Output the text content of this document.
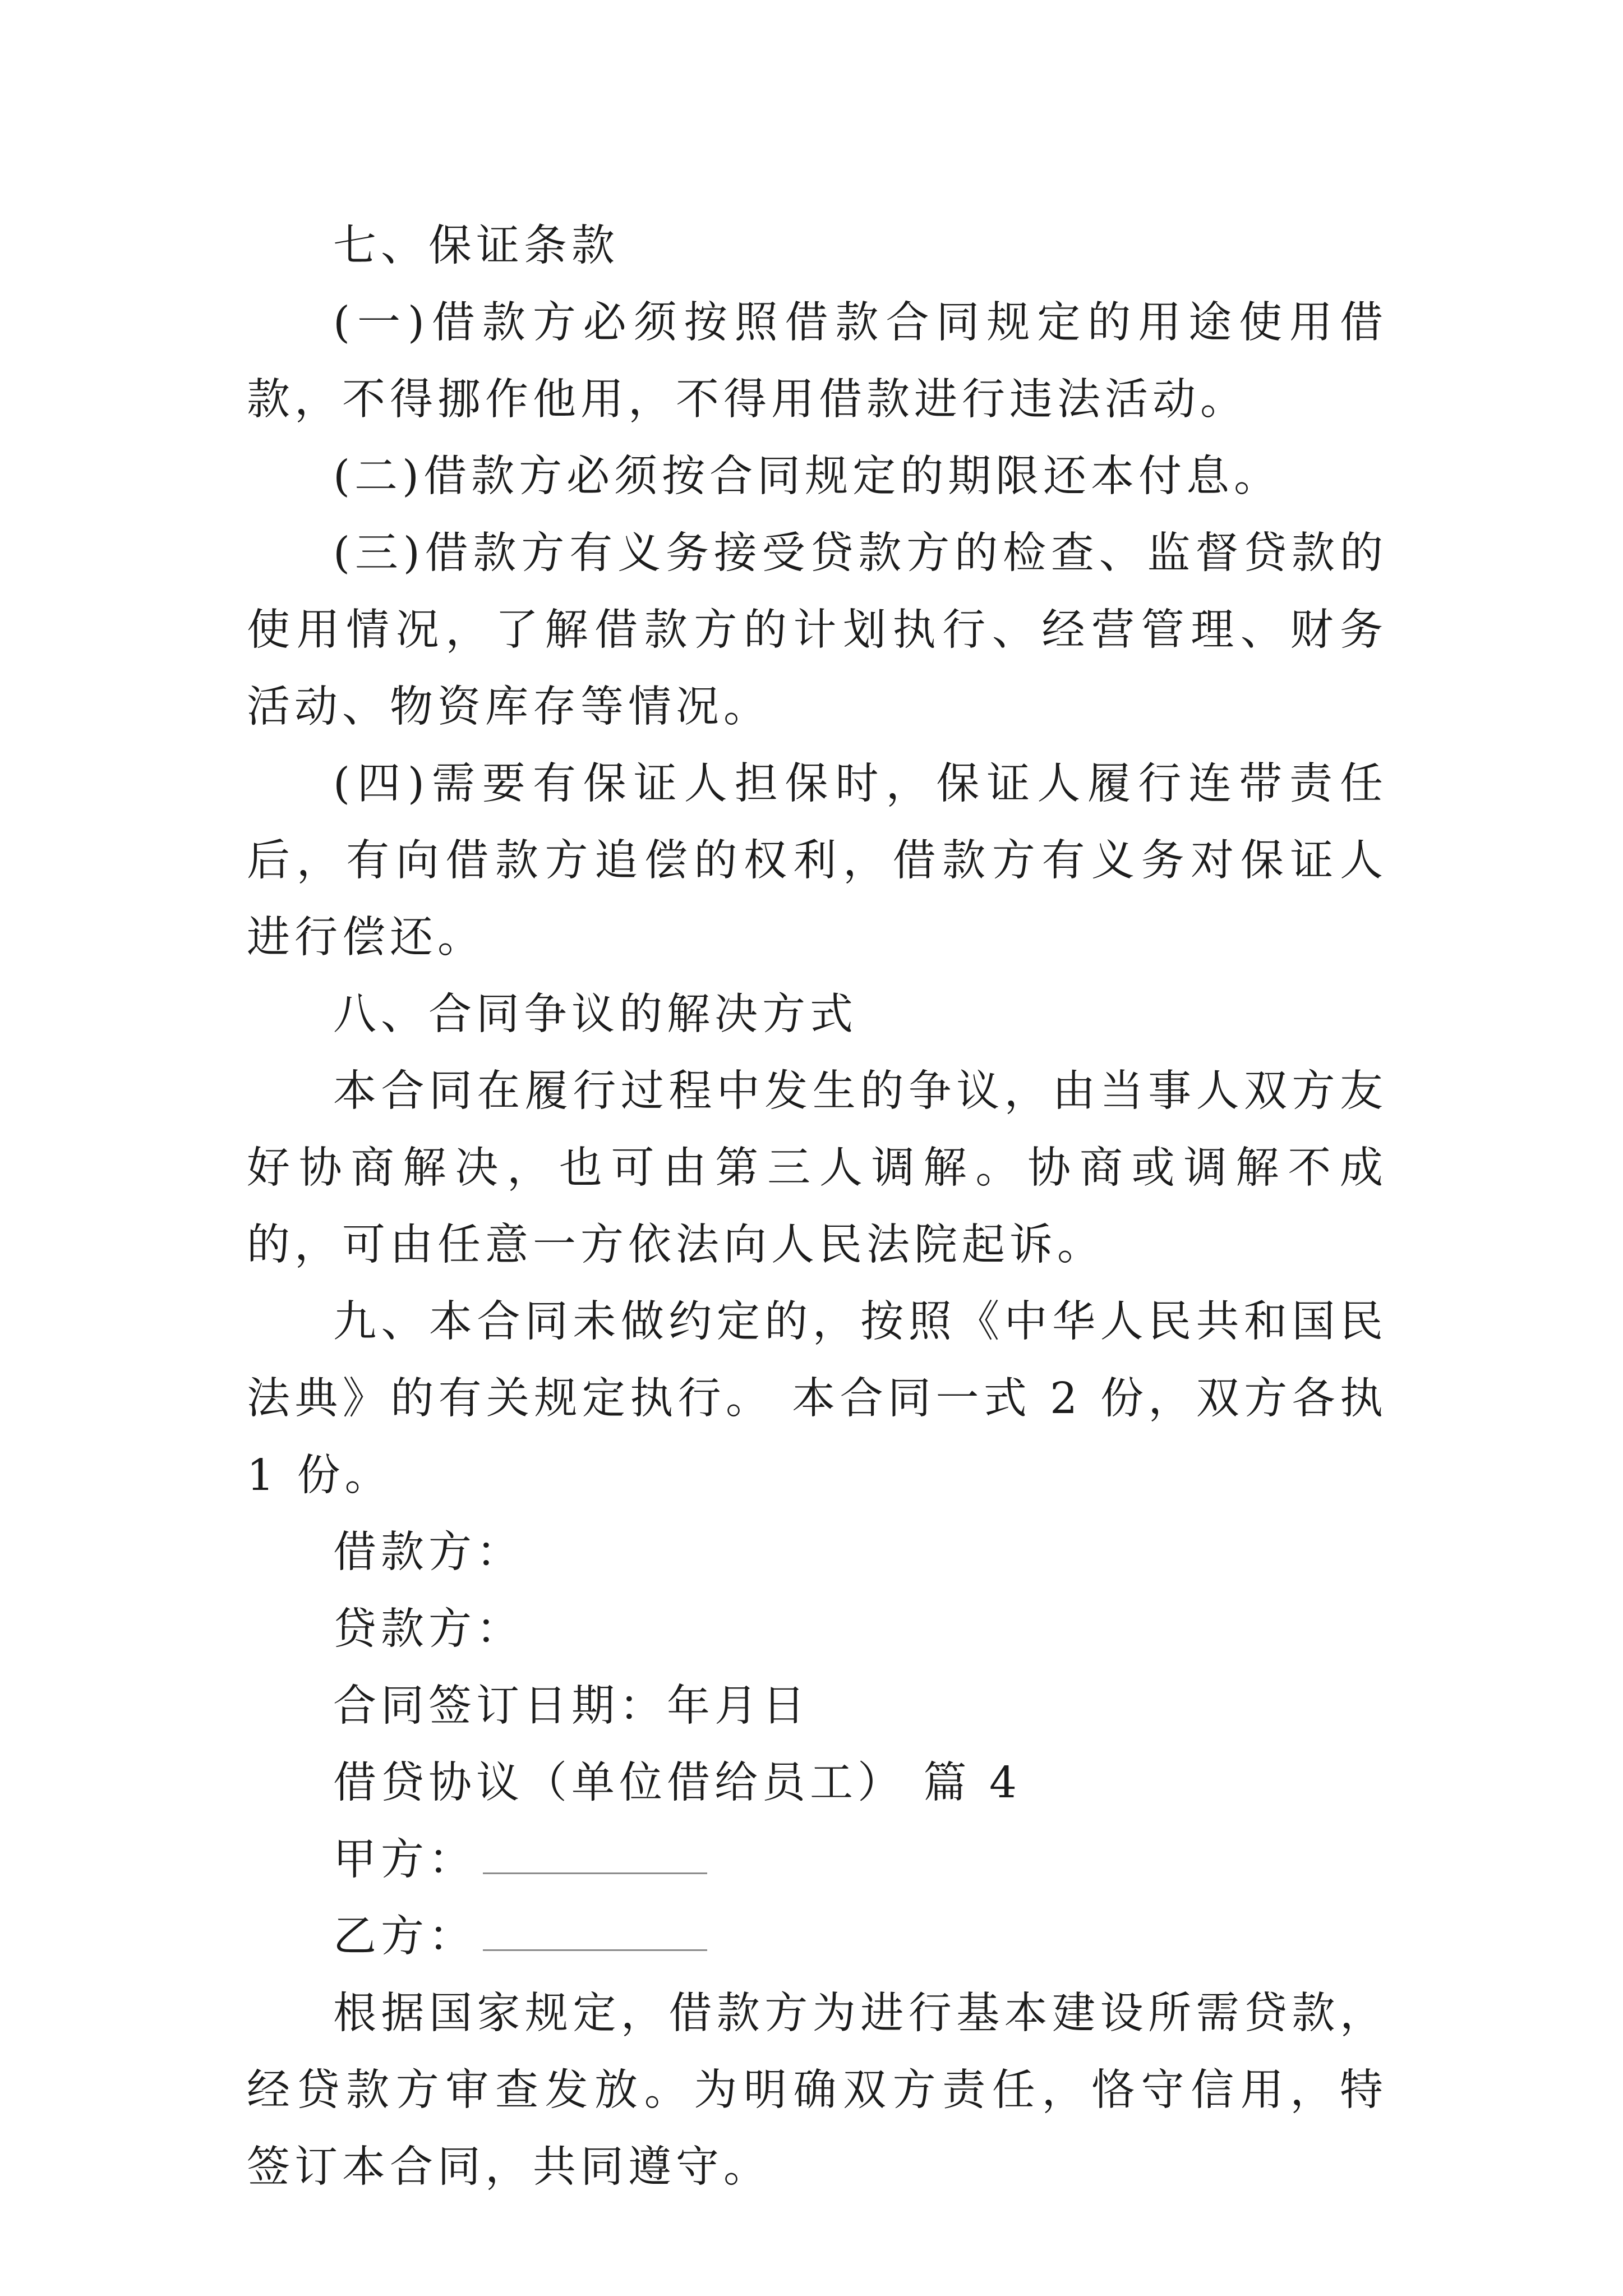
七、保证条款

(一)借款方必须按照借款合同规定的用途使用借款，不得挪作他用，不得用借款进行违法活动。

(二)借款方必须按合同规定的期限还本付息。

(三)借款方有义务接受贷款方的检查、监督贷款的使用情况，了解借款方的计划执行、经营管理、财务活动、物资库存等情况。

(四)需要有保证人担保时，保证人履行连带责任后，有向借款方追偿的权利，借款方有义务对保证人进行偿还。

八、合同争议的解决方式

本合同在履行过程中发生的争议，由当事人双方友好协商解决，也可由第三人调解。协商或调解不成的，可由任意一方依法向人民法院起诉。

九、本合同未做约定的，按照《中华人民共和国民法典》的有关规定执行。 本合同一式 2 份，双方各执 1 份。

借款方：

贷款方：

合同签订日期：年月日

借贷协议（单位借给员工） 篇 4

甲方：

乙方：

根据国家规定，借款方为进行基本建设所需贷款，经贷款方审查发放。为明确双方责任，恪守信用，特签订本合同，共同遵守。
